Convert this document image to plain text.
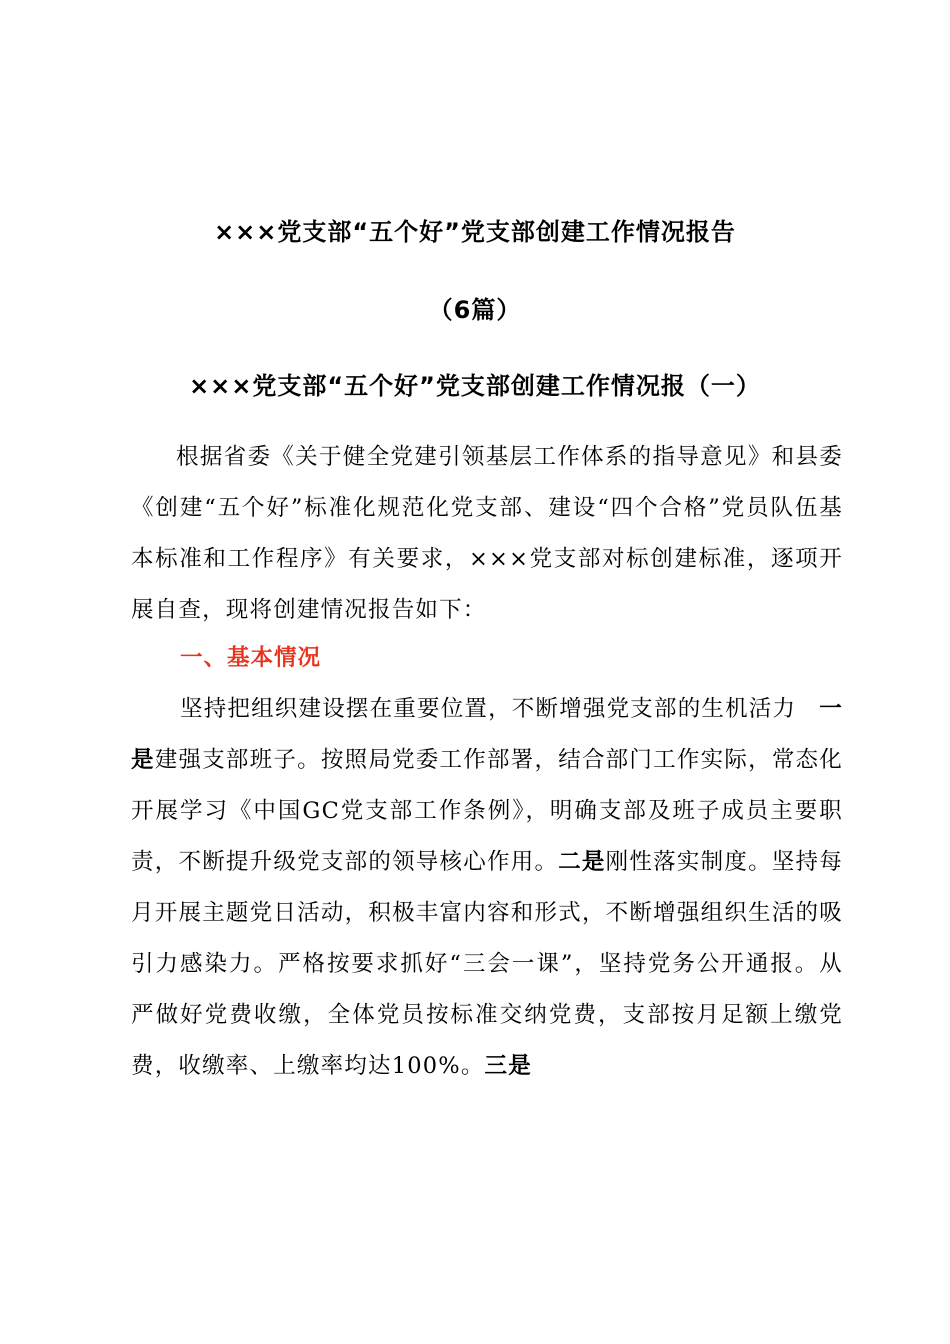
×××党支部“五个好”党支部创建工作情况报告
（6篇）
×××党支部“五个好”党支部创建工作情况报（一）
根据省委《关于健全党建引领基层工作体系的指导意见》和县委《创建“五个好”标准化规范化党支部、建设“四个合格”党员队伍基本标准和工作程序》有关要求，×××党支部对标创建标准，逐项开展自查，现将创建情况报告如下：
一、基本情况
坚持把组织建设摆在重要位置，不断增强党支部的生机活力一是建强支部班子。按照局党委工作部署，结合部门工作实际，常态化开展学习《中国GC党支部工作条例》，明确支部及班子成员主要职责，不断提升级党支部的领导核心作用。二是刚性落实制度。坚持每月开展主题党日活动，积极丰富内容和形式，不断增强组织生活的吸引力感染力。严格按要求抓好“三会一课”，坚持党务公开通报。从严做好党费收缴，全体党员按标准交纳党费，支部按月足额上缴党费，收缴率、上缴率均达100%。三是
